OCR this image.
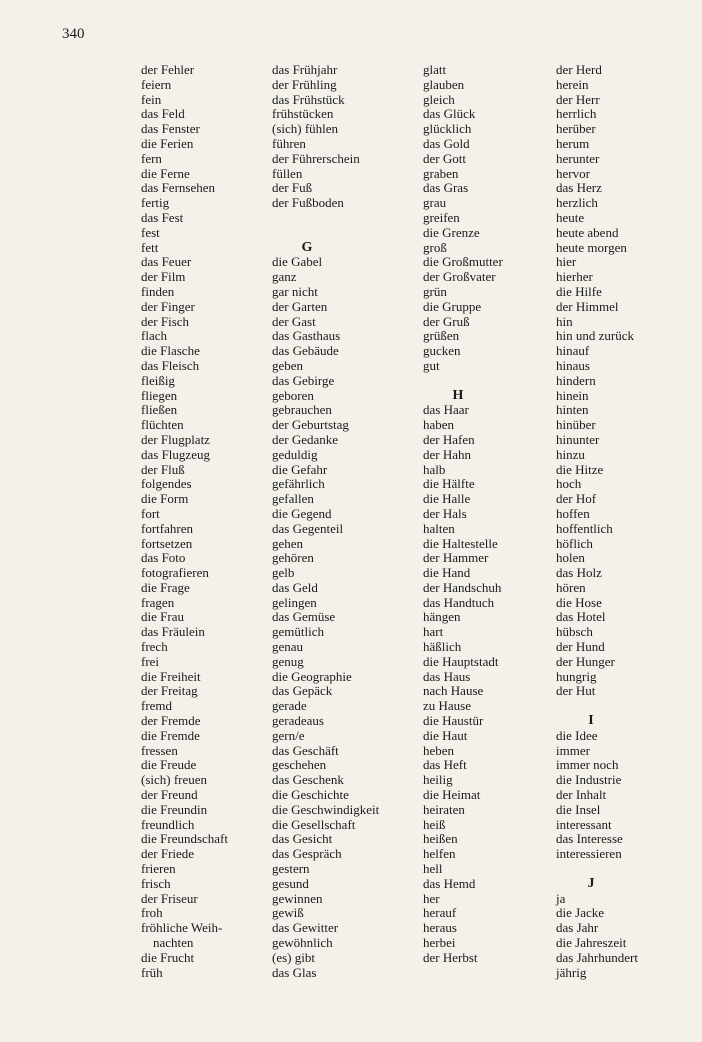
340
der Fehler
feiern
fein
das Feld
das Fenster
die Ferien
fern
die Ferne
das Fernsehen
fertig
das Fest
fest
fett
das Feuer
der Film
finden
der Finger
der Fisch
flach
die Flasche
das Fleisch
fleißig
fliegen
fließen
flüchten
der Flugplatz
das Flugzeug
der Fluß
folgendes
die Form
fort
fortfahren
fortsetzen
das Foto
fotografieren
die Frage
fragen
die Frau
das Fräulein
frech
frei
die Freiheit
der Freitag
fremd
der Fremde
die Fremde
fressen
die Freude
(sich) freuen
der Freund
die Freundin
freundlich
die Freundschaft
der Friede
frieren
frisch
der Friseur
froh
fröhliche Weih-
nachten
die Frucht
früh
das Frühjahr
der Frühling
das Frühstück
frühstücken
(sich) fühlen
führen
der Führerschein
füllen
der Fuß
der Fußboden
G
die Gabel
ganz
gar nicht
der Garten
der Gast
das Gasthaus
das Gebäude
geben
das Gebirge
geboren
gebrauchen
der Geburtstag
der Gedanke
geduldig
die Gefahr
gefährlich
gefallen
die Gegend
das Gegenteil
gehen
gehören
gelb
das Geld
gelingen
das Gemüse
gemütlich
genau
genug
die Geographie
das Gepäck
gerade
geradeaus
gern/e
das Geschäft
geschehen
das Geschenk
die Geschichte
die Geschwindigkeit
die Gesellschaft
das Gesicht
das Gespräch
gestern
gesund
gewinnen
gewiß
das Gewitter
gewöhnlich
(es) gibt
das Glas
glatt
glauben
gleich
das Glück
glücklich
das Gold
der Gott
graben
das Gras
grau
greifen
die Grenze
groß
die Großmutter
der Großvater
grün
die Gruppe
der Gruß
grüßen
gucken
gut
H
das Haar
haben
der Hafen
der Hahn
halb
die Hälfte
die Halle
der Hals
halten
die Haltestelle
der Hammer
die Hand
der Handschuh
das Handtuch
hängen
hart
häßlich
die Hauptstadt
das Haus
nach Hause
zu Hause
die Haustür
die Haut
heben
das Heft
heilig
die Heimat
heiraten
heiß
heißen
helfen
hell
das Hemd
her
herauf
heraus
herbei
der Herbst
der Herd
herein
der Herr
herrlich
herüber
herum
herunter
hervor
das Herz
herzlich
heute
heute abend
heute morgen
hier
hierher
die Hilfe
der Himmel
hin
hin und zurück
hinauf
hinaus
hindern
hinein
hinten
hinüber
hinunter
hinzu
die Hitze
hoch
der Hof
hoffen
hoffentlich
höflich
holen
das Holz
hören
die Hose
das Hotel
hübsch
der Hund
der Hunger
hungrig
der Hut
I
die Idee
immer
immer noch
die Industrie
der Inhalt
die Insel
interessant
das Interesse
interessieren
J
ja
die Jacke
das Jahr
die Jahreszeit
das Jahrhundert
jährig
